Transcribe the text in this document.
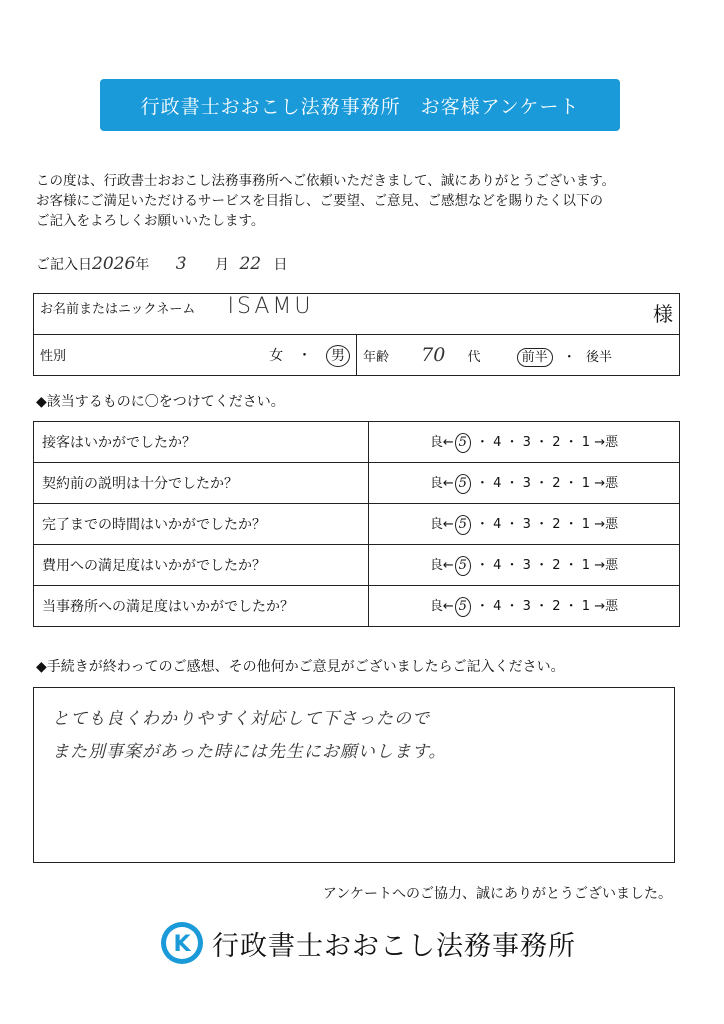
行政書士おおこし法務事務所　お客様アンケート
この度は、行政書士おおこし法務事務所へご依頼いただきまして、誠にありがとうございます。
お客様にご満足いただけるサービスを目指し、ご要望、ご意見、ご感想などを賜りたく以下の
ご記入をよろしくお願いいたします。
ご記入日2026年 3 月 22 日
お名前またはニックネーム ISAMU	様

性別	女 ・ 男	年齢 70 代	前半 ・ 後半
◆該当するものに〇をつけてください。
接客はいかがでしたか？	良← 5 ・ 4 ・ 3 ・ 2 ・ 1 →悪
契約前の説明は十分でしたか？	良← 5 ・ 4 ・ 3 ・ 2 ・ 1 →悪
完了までの時間はいかがでしたか？	良← 5 ・ 4 ・ 3 ・ 2 ・ 1 →悪
費用への満足度はいかがでしたか？	良← 5 ・ 4 ・ 3 ・ 2 ・ 1 →悪
当事務所への満足度はいかがでしたか？	良← 5 ・ 4 ・ 3 ・ 2 ・ 1 →悪
◆手続きが終わってのご感想、その他何かご意見がございましたらご記入ください。
とても良くわかりやすく対応して下さったので
また別事案があった時には先生にお願いします。
アンケートへのご協力、誠にありがとうございました。
K 行政書士おおこし法務事務所
